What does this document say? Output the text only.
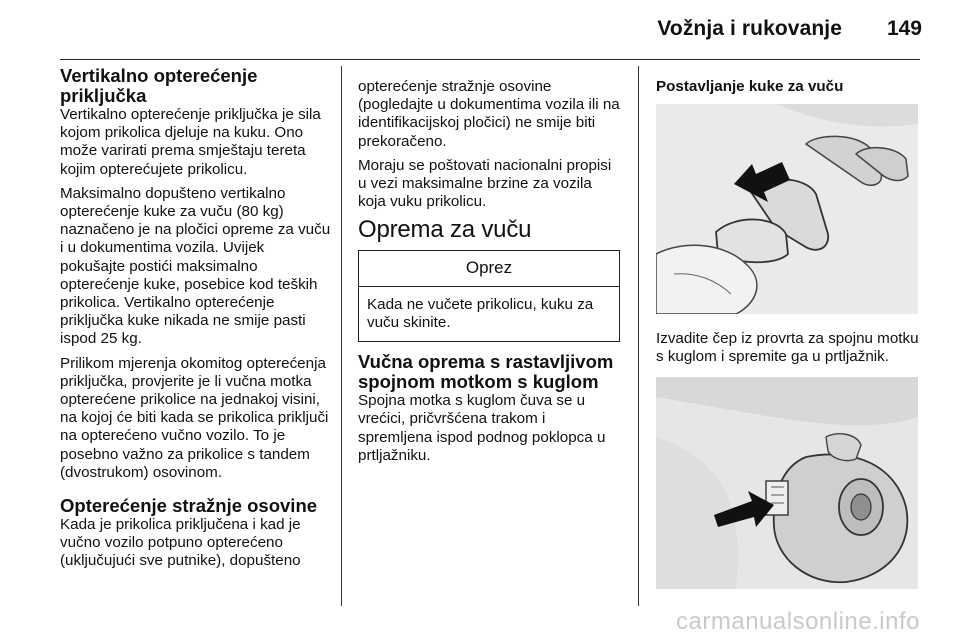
Vožnja i rukovanje 149
Vertikalno opterećenje
priključka

Vertikalno opterećenje priključka je sila kojom prikolica djeluje na kuku. Ono može varirati prema smještaju tereta kojim opterećujete prikolicu.

Maksimalno dopušteno vertikalno opterećenje kuke za vuču (80 kg) naznačeno je na pločici opreme za vuču i u dokumentima vozila. Uvijek pokušajte postići maksimalno opterećenje kuke, posebice kod teških prikolica. Vertikalno opterećenje priključka kuke nikada ne smije pasti ispod 25 kg.

Prilikom mjerenja okomitog opterećenja priključka, provjerite je li vučna motka opterećene prikolice na jednakoj visini, na kojoj će biti kada se prikolica priključi na opterećeno vučno vozilo. To je posebno važno za prikolice s tandem (dvostrukom) osovinom.

Opterećenje stražnje osovine

Kada je prikolica priključena i kad je vučno vozilo potpuno opterećeno (uključujući sve putnike), dopušteno

opterećenje stražnje osovine (pogledajte u dokumentima vozila ili na identifikacijskoj pločici) ne smije biti prekoračeno.

Moraju se poštovati nacionalni propisi u vezi maksimalne brzine za vozila koja vuku prikolicu.

Oprema za vuču
Oprez
Kada ne vučete prikolicu, kuku za vuču skinite.
Vučna oprema s rastavljivom
spojnom motkom s kuglom

Spojna motka s kuglom čuva se u vrećici, pričvršćena trakom i spremljena ispod podnog poklopca u prtljažniku.

Postavljanje kuke za vuču

Izvadite čep iz provrta za spojnu motku s kuglom i spremite ga u prtljažnik.

carmanualsonline.info
